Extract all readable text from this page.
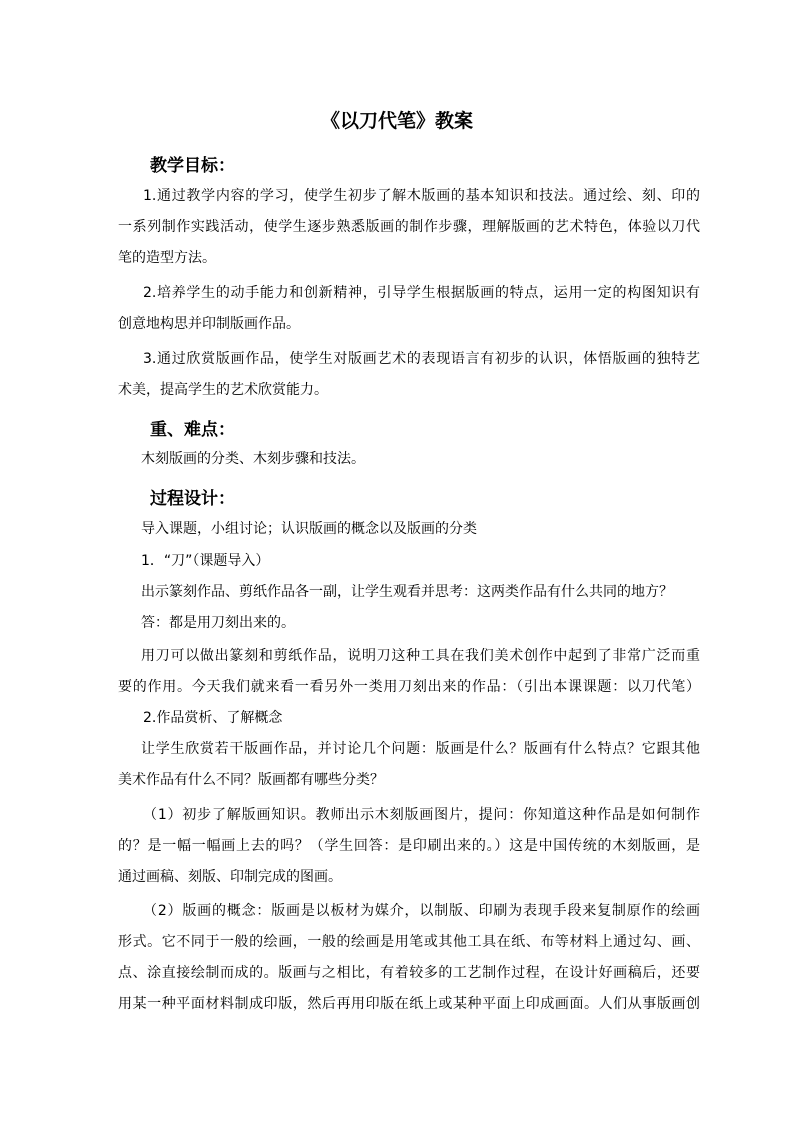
《以刀代笔》教案
教学目标：
1.通过教学内容的学习，使学生初步了解木版画的基本知识和技法。通过绘、刻、印的
一系列制作实践活动，使学生逐步熟悉版画的制作步骤，理解版画的艺术特色，体验以刀代
笔的造型方法。
2.培养学生的动手能力和创新精神，引导学生根据版画的特点，运用一定的构图知识有
创意地构思并印制版画作品。
3.通过欣赏版画作品，使学生对版画艺术的表现语言有初步的认识，体悟版画的独特艺
术美，提高学生的艺术欣赏能力。
重、难点：
木刻版画的分类、木刻步骤和技法。
过程设计：
导入课题，小组讨论；认识版画的概念以及版画的分类
1．“刀”（课题导入）
出示篆刻作品、剪纸作品各一副，让学生观看并思考：这两类作品有什么共同的地方？
答：都是用刀刻出来的。
用刀可以做出篆刻和剪纸作品，说明刀这种工具在我们美术创作中起到了非常广泛而重
要的作用。今天我们就来看一看另外一类用刀刻出来的作品：（引出本课课题：以刀代笔）
2.作品赏析、了解概念
让学生欣赏若干版画作品，并讨论几个问题：版画是什么？版画有什么特点？它跟其他
美术作品有什么不同？版画都有哪些分类？
（1）初步了解版画知识。教师出示木刻版画图片，提问：你知道这种作品是如何制作
的？是一幅一幅画上去的吗？（学生回答：是印刷出来的。）这是中国传统的木刻版画，是
通过画稿、刻版、印制完成的图画。
（2）版画的概念：版画是以板材为媒介，以制版、印刷为表现手段来复制原作的绘画
形式。它不同于一般的绘画，一般的绘画是用笔或其他工具在纸、布等材料上通过勾、画、
点、涂直接绘制而成的。版画与之相比，有着较多的工艺制作过程，在设计好画稿后，还要
用某一种平面材料制成印版，然后再用印版在纸上或某种平面上印成画面。人们从事版画创
